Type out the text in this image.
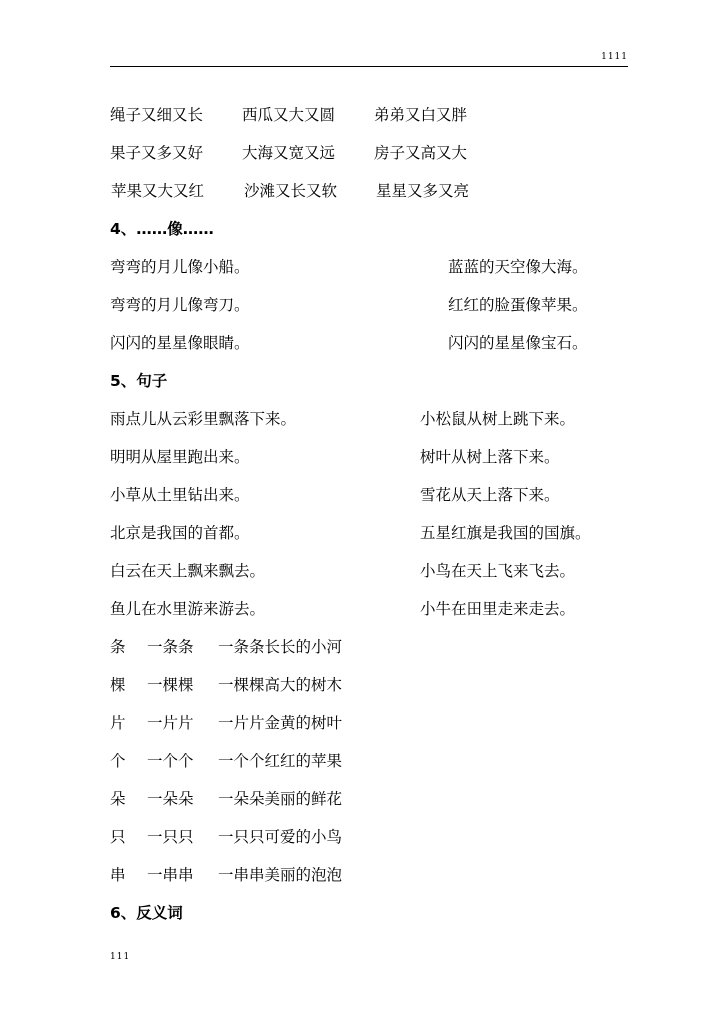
1111
绳子又细又长	西瓜又大又圆	弟弟又白又胖
果子又多又好	大海又宽又远	房子又高又大
苹果又大又红	沙滩又长又软	星星又多又亮
4、……像……
弯弯的月儿像小船。	蓝蓝的天空像大海。
弯弯的月儿像弯刀。	红红的脸蛋像苹果。
闪闪的星星像眼睛。	闪闪的星星像宝石。
5、句子
雨点儿从云彩里飘落下来。	小松鼠从树上跳下来。
明明从屋里跑出来。	树叶从树上落下来。
小草从土里钻出来。	雪花从天上落下来。
北京是我国的首都。	五星红旗是我国的国旗。
白云在天上飘来飘去。	小鸟在天上飞来飞去。
鱼儿在水里游来游去。	小牛在田里走来走去。
条 一条条 一条条长长的小河
棵 一棵棵 一棵棵高大的树木
片 一片片 一片片金黄的树叶
个 一个个 一个个红红的苹果
朵 一朵朵 一朵朵美丽的鲜花
只 一只只 一只只可爱的小鸟
串 一串串 一串串美丽的泡泡
6、反义词
111
